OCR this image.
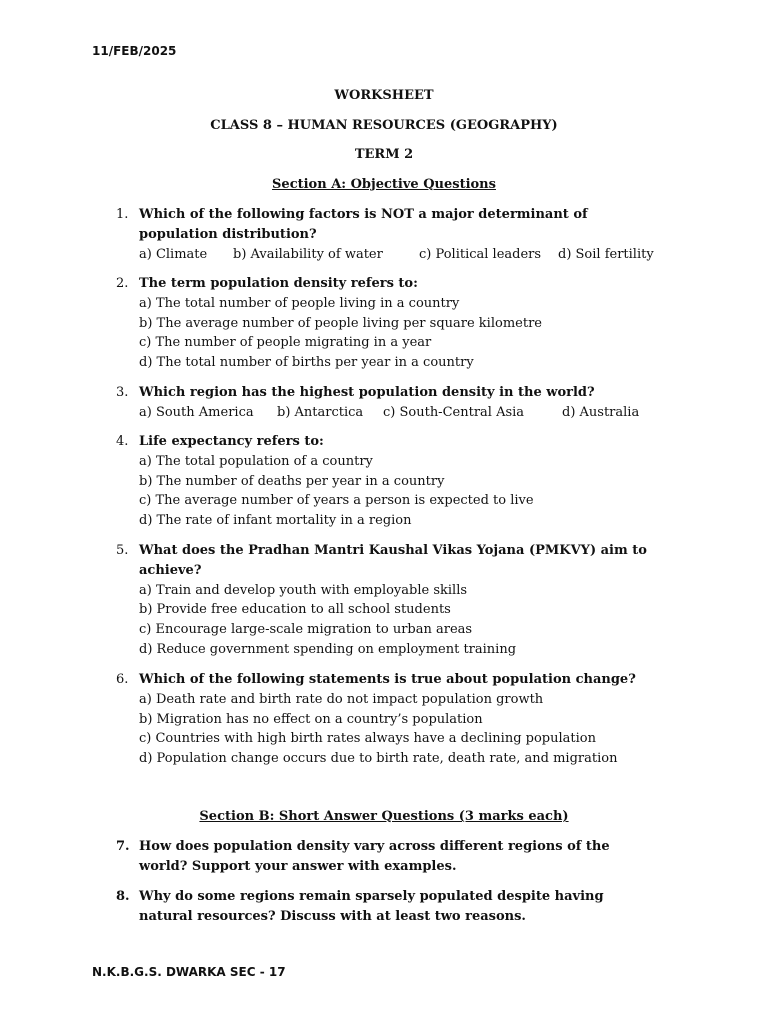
11/FEB/2025
WORKSHEET
CLASS 8 – HUMAN RESOURCES (GEOGRAPHY)
TERM 2
Section A: Objective Questions
1. Which of the following factors is NOT a major determinant of population distribution?
a) Climate	b) Availability of water	c) Political leaders	d) Soil fertility
2. The term population density refers to:
a) The total number of people living in a country
b) The average number of people living per square kilometre
c) The number of people migrating in a year
d) The total number of births per year in a country
3. Which region has the highest population density in the world?
a) South America	b) Antarctica	c) South-Central Asia	d) Australia
4. Life expectancy refers to:
a) The total population of a country
b) The number of deaths per year in a country
c) The average number of years a person is expected to live
d) The rate of infant mortality in a region
5. What does the Pradhan Mantri Kaushal Vikas Yojana (PMKVY) aim to achieve?
a) Train and develop youth with employable skills
b) Provide free education to all school students
c) Encourage large-scale migration to urban areas
d) Reduce government spending on employment training
6. Which of the following statements is true about population change?
a) Death rate and birth rate do not impact population growth
b) Migration has no effect on a country’s population
c) Countries with high birth rates always have a declining population
d) Population change occurs due to birth rate, death rate, and migration
Section B: Short Answer Questions (3 marks each)
7. How does population density vary across different regions of the world? Support your answer with examples.
8. Why do some regions remain sparsely populated despite having natural resources? Discuss with at least two reasons.
N.K.B.G.S. DWARKA SEC - 17
